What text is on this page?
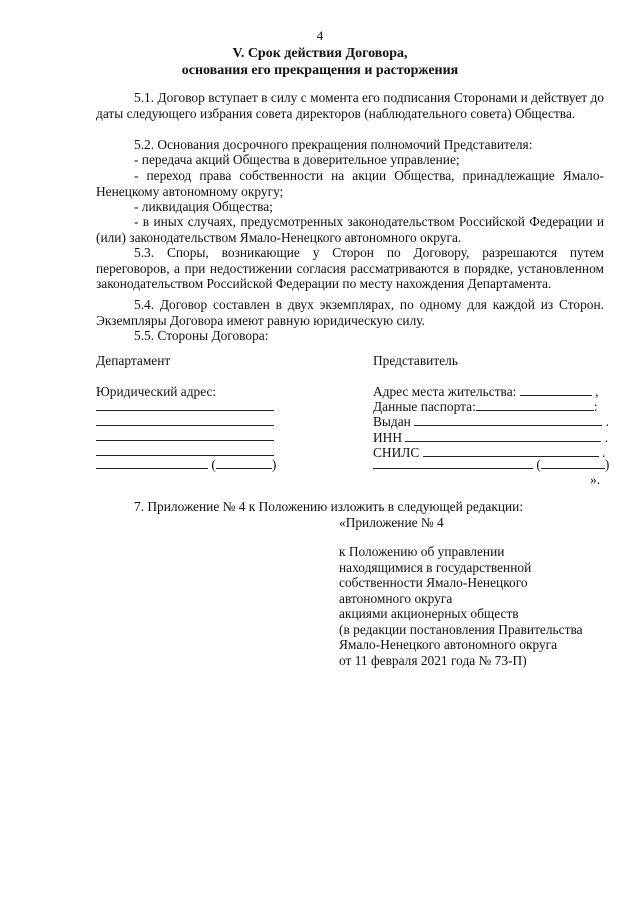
4
V. Срок действия Договора,
основания его прекращения и расторжения
5.1. Договор вступает в силу с момента его подписания Сторонами и действует до даты следующего избрания совета директоров (наблюдательного совета) Общества.
5.2. Основания досрочного прекращения полномочий Представителя:
- передача акций Общества в доверительное управление;
- переход права собственности на акции Общества, принадлежащие Ямало-Ненецкому автономному округу;
- ликвидация Общества;
- в иных случаях, предусмотренных законодательством Российской Федерации и (или) законодательством Ямало-Ненецкого автономного округа.
5.3. Споры, возникающие у Сторон по Договору, разрешаются путем переговоров, а при недостижении согласия рассматриваются в порядке, установленном законодательством Российской Федерации по месту нахождения Департамента.
5.4. Договор составлен в двух экземплярах, по одному для каждой из Сторон. Экземпляры Договора имеют равную юридическую силу.
5.5. Стороны Договора:
Департамент
Юридический адрес:
(	)
Представитель
Адрес места жительства:	,
Данные паспорта:	:
Выдан	.
ИНН	.
СНИЛС	.
(	)
».
7. Приложение № 4 к Положению изложить в следующей редакции:
«Приложение № 4
к Положению об управлении
находящимися в государственной
собственности Ямало-Ненецкого
автономного округа
акциями акционерных обществ
(в редакции постановления Правительства
Ямало-Ненецкого автономного округа
от 11 февраля 2021 года № 73-П)
